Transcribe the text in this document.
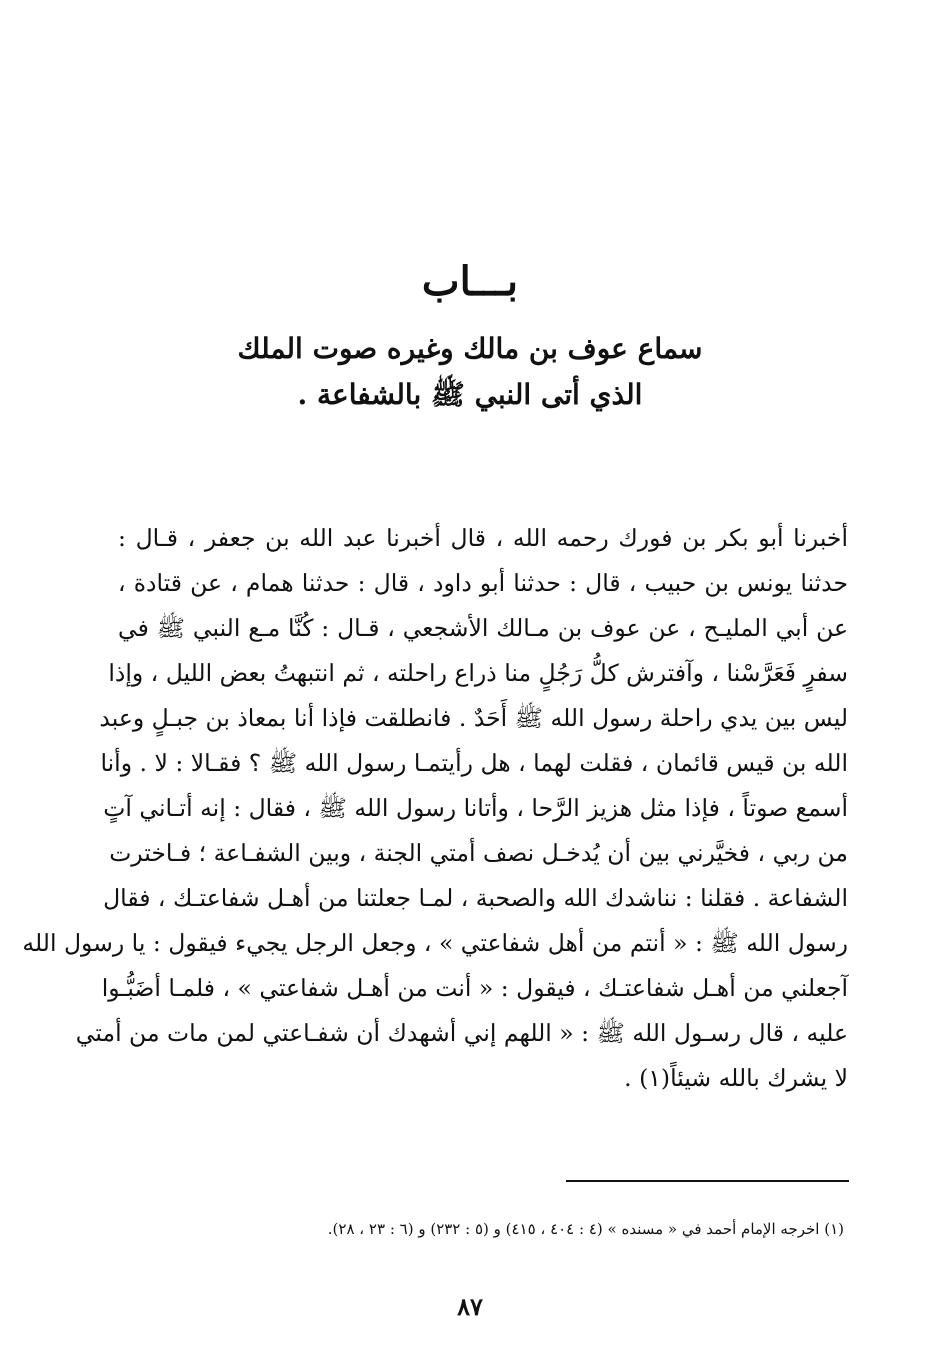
بـــاب
سماع عوف بن مالك وغيره صوت الملك
الذي أتى النبي ﷺ بالشفاعة .
أخبرنا أبو بكر بن فورك رحمه الله ، قال أخبرنا عبد الله بن جعفر ، قـال :
حدثنا يونس بن حبيب ، قال : حدثنا أبو داود ، قال : حدثنا همام ، عن قتادة ،
عن أبي المليـح ، عن عوف بن مـالك الأشجعي ، قـال : كُنَّا مـع النبي ﷺ في
سفرٍ فَعَرَّسْنا ، وآفترش كلُّ رَجُلٍ منا ذراع راحلته ، ثم انتبهتُ بعض الليل ، وإذا
ليس بين يدي راحلة رسول الله ﷺ أَحَدٌ . فانطلقت فإذا أنا بمعاذ بن جبـلٍ وعبد
الله بن قيس قائمان ، فقلت لهما ، هل رأيتمـا رسول الله ﷺ ؟ فقـالا : لا . وأنا
أسمع صوتاً ، فإذا مثل هزيز الرَّحا ، وأتانا رسول الله ﷺ ، فقال : إنه أتـاني آتٍ
من ربي ، فخيَّرني بين أن يُدخـل نصف أمتي الجنة ، وبين الشفـاعة ؛ فـاخترت
الشفاعة . فقلنا : نناشدك الله والصحبة ، لمـا جعلتنا من أهـل شفاعتـك ، فقال
رسول الله ﷺ : « أنتم من أهل شفاعتي » ، وجعل الرجل يجيء فيقول : يا رسول الله
آجعلني من أهـل شفاعتـك ، فيقول : « أنت من أهـل شفاعتي » ، فلمـا أضَبُّـوا
عليه ، قال رسـول الله ﷺ : « اللهم إني أشهدك أن شفـاعتي لمن مات من أمتي
لا يشرك بالله شيئاً(١) .
(١) اخرجه الإمام أحمد في « مسنده » (٤ : ٤٠٤ ، ٤١٥) و (٥ : ٢٣٢) و (٦ : ٢٣ ، ٢٨).
٨٧
